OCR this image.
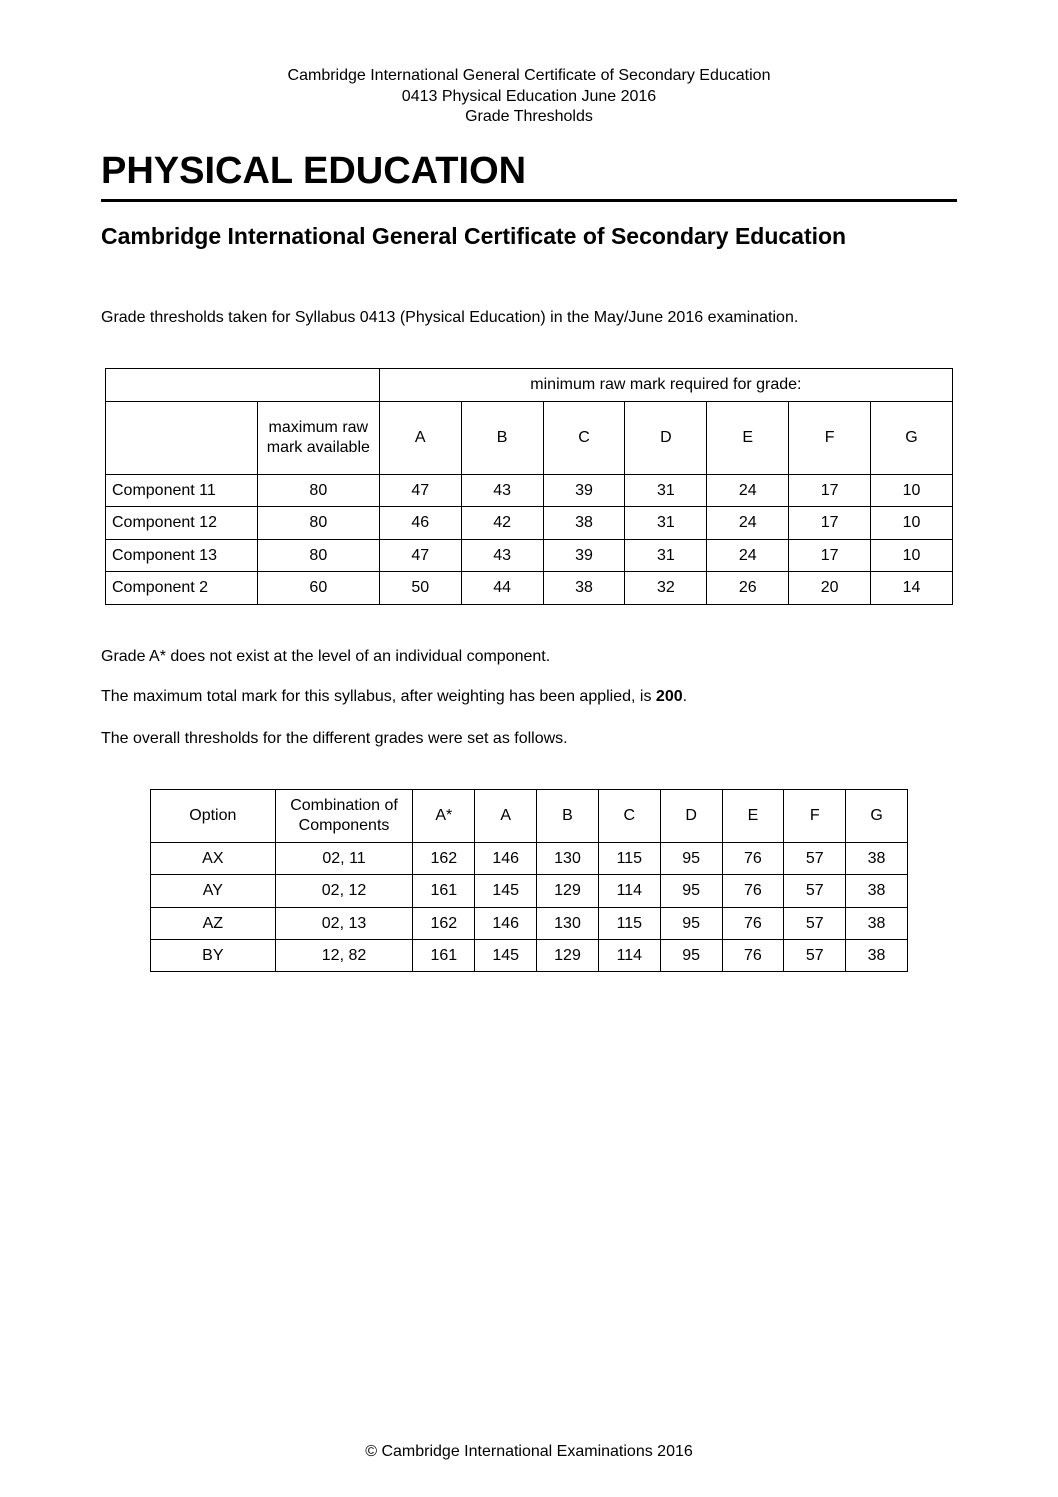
Cambridge International General Certificate of Secondary Education
0413 Physical Education June 2016
Grade Thresholds
PHYSICAL EDUCATION
Cambridge International General Certificate of Secondary Education

Grade thresholds taken for Syllabus 0413 (Physical Education) in the May/June 2016 examination.

		minimum raw mark required for grade:						
	maximum raw mark available	A	B	C	D	E	F	G
Component 11	80	47	43	39	31	24	17	10
Component 12	80	46	42	38	31	24	17	10
Component 13	80	47	43	39	31	24	17	10
Component 2	60	50	44	38	32	26	20	14

Grade A* does not exist at the level of an individual component.

The maximum total mark for this syllabus, after weighting has been applied, is 200.

The overall thresholds for the different grades were set as follows.

Option	Combination of Components	A*	A	B	C	D	E	F	G
AX	02, 11	162	146	130	115	95	76	57	38
AY	02, 12	161	145	129	114	95	76	57	38
AZ	02, 13	162	146	130	115	95	76	57	38
BY	12, 82	161	145	129	114	95	76	57	38
© Cambridge International Examinations 2016
